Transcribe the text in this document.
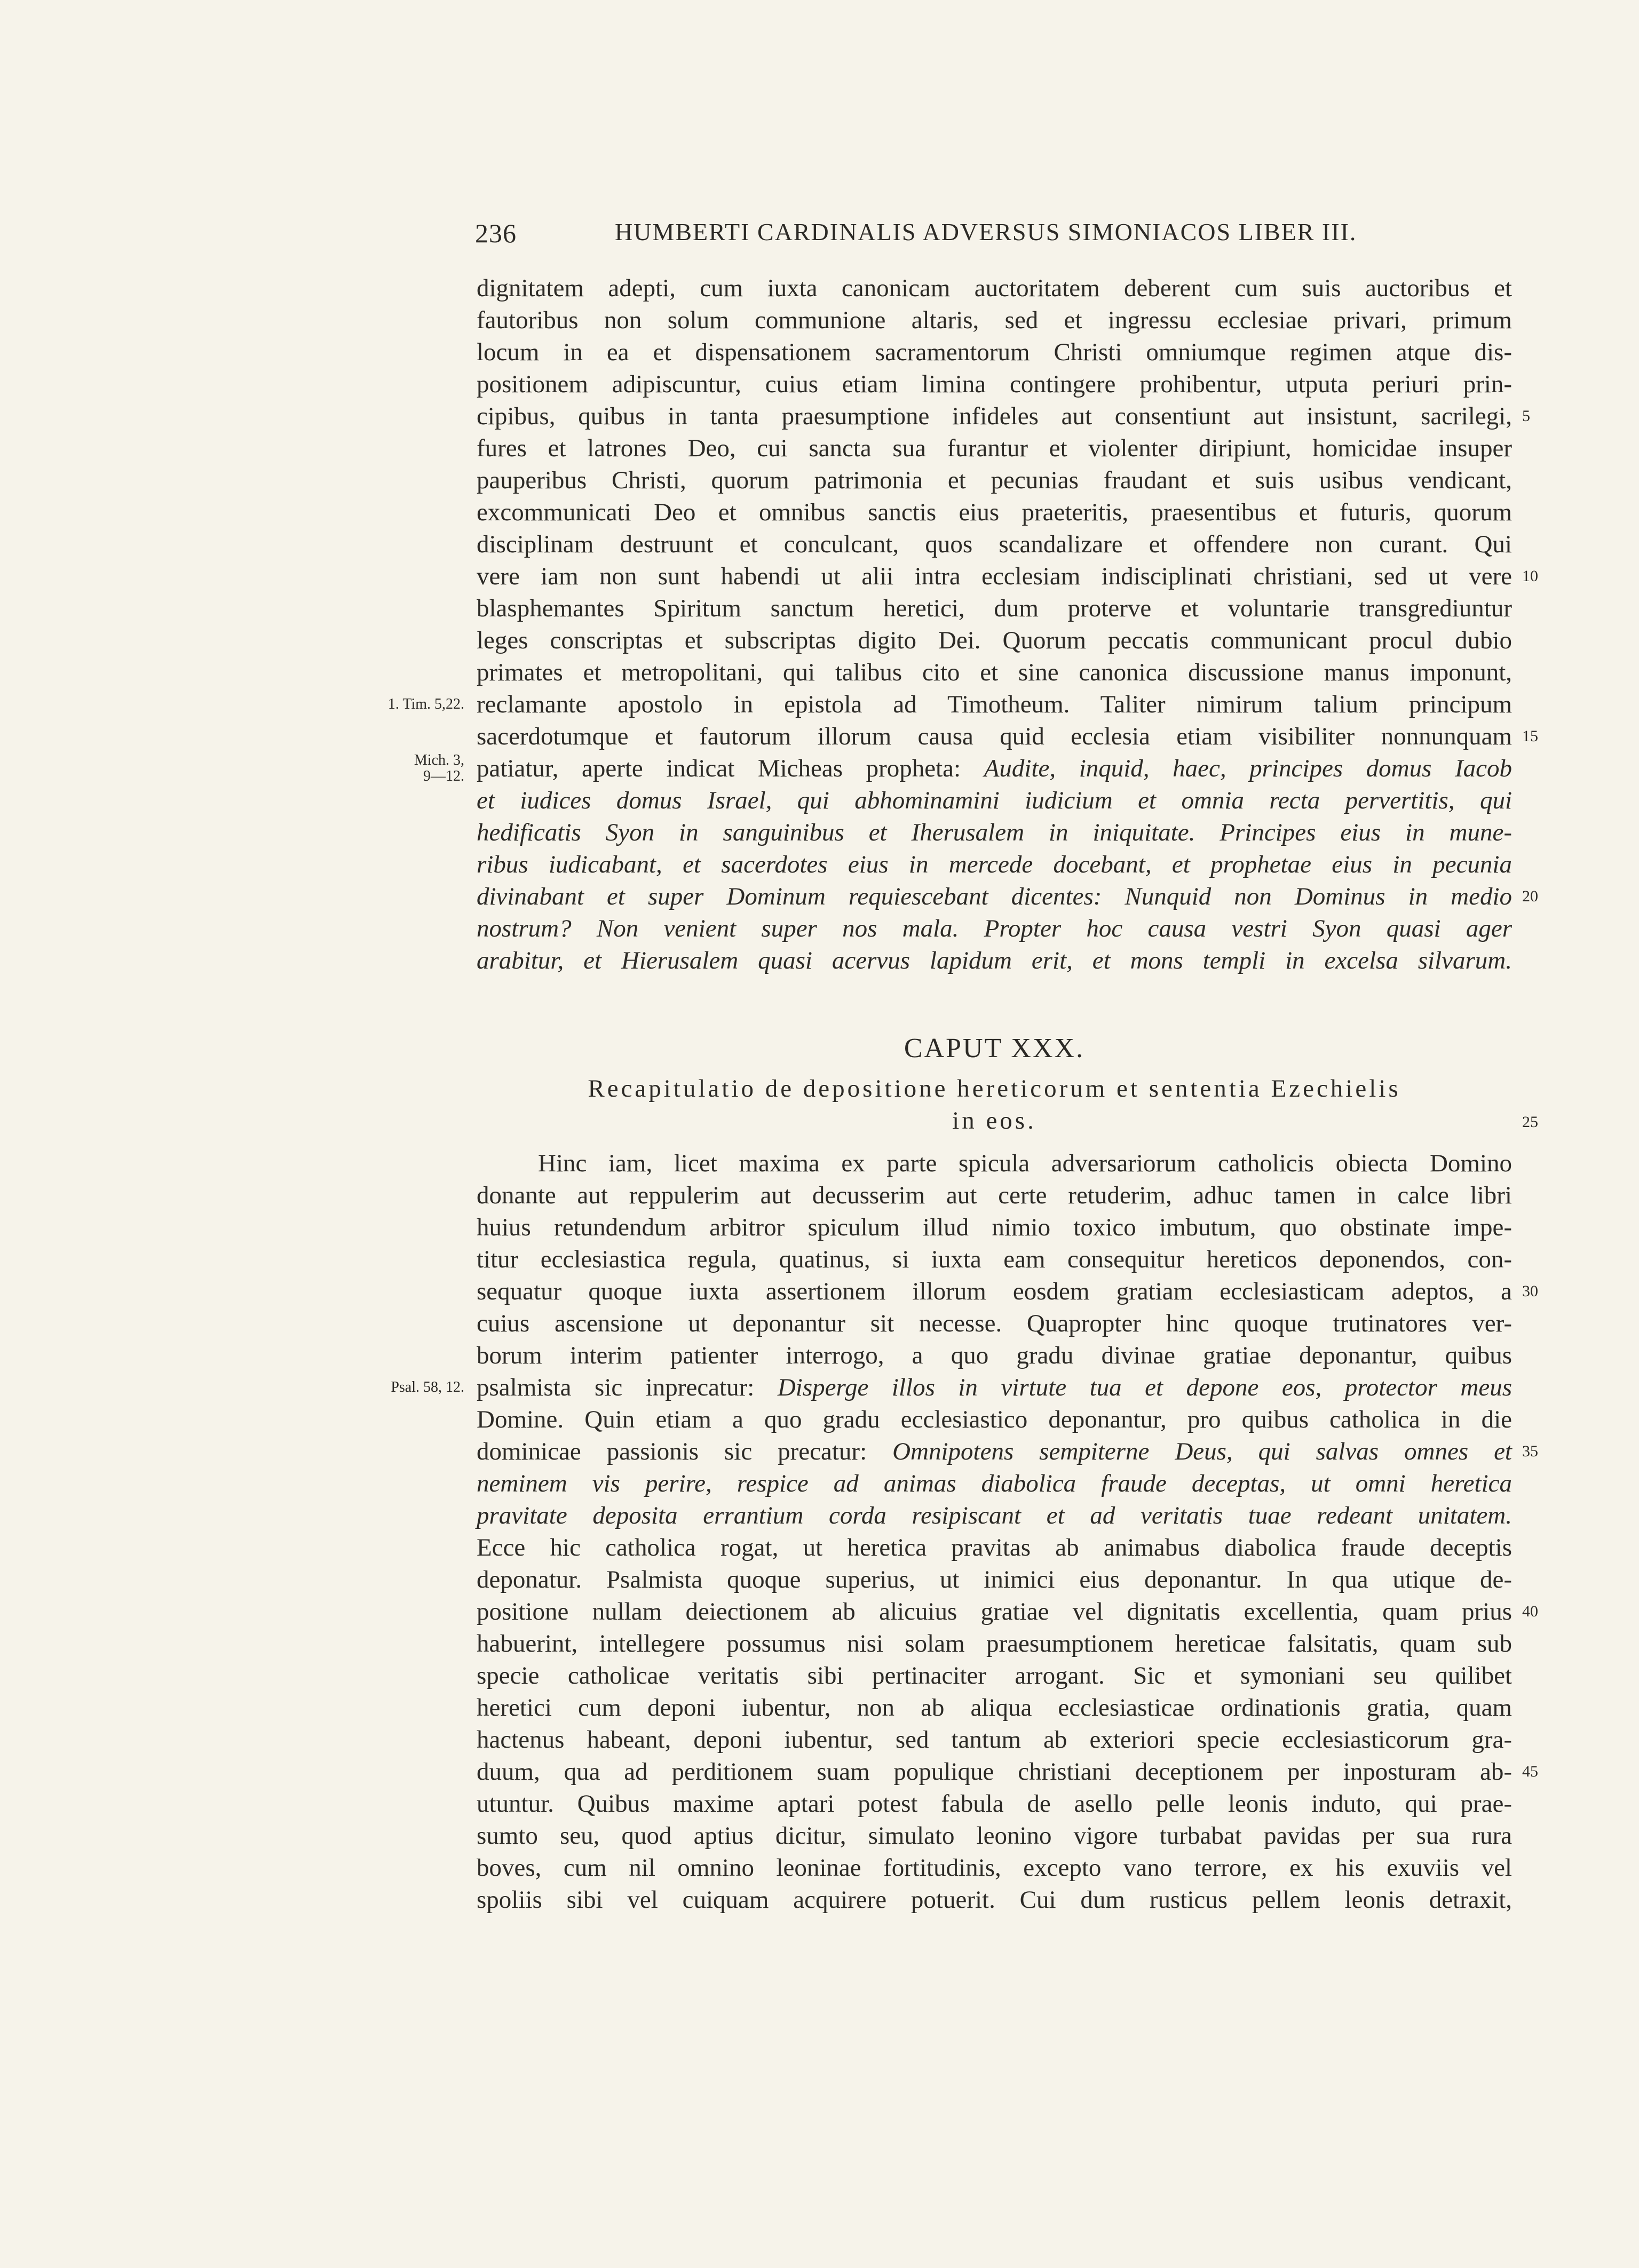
236	HUMBERTI CARDINALIS ADVERSUS SIMONIACOS LIBER III.
dignitatem adepti, cum iuxta canonicam auctoritatem deberent cum suis auctoribus et
fautoribus non solum communione altaris, sed et ingressu ecclesiae privari, primum
locum in ea et dispensationem sacramentorum Christi omniumque regimen atque dis-
positionem adipiscuntur, cuius etiam limina contingere prohibentur, utputa periuri prin-
cipibus, quibus in tanta praesumptione infideles aut consentiunt aut insistunt, sacrilegi,
fures et latrones Deo, cui sancta sua furantur et violenter diripiunt, homicidae insuper
pauperibus Christi, quorum patrimonia et pecunias fraudant et suis usibus vendicant,
excommunicati Deo et omnibus sanctis eius praeteritis, praesentibus et futuris, quorum
disciplinam destruunt et conculcant, quos scandalizare et offendere non curant. Qui
vere iam non sunt habendi ut alii intra ecclesiam indisciplinati christiani, sed ut vere
blasphemantes Spiritum sanctum heretici, dum proterve et voluntarie transgrediuntur
leges conscriptas et subscriptas digito Dei. Quorum peccatis communicant procul dubio
primates et metropolitani, qui talibus cito et sine canonica discussione manus imponunt,
reclamante apostolo in epistola ad Timotheum. Taliter nimirum talium principum
sacerdotumque et fautorum illorum causa quid ecclesia etiam visibiliter nonnunquam
patiatur, aperte indicat Micheas propheta: Audite, inquid, haec, principes domus Iacob
et iudices domus Israel, qui abhominamini iudicium et omnia recta pervertitis, qui
hedificatis Syon in sanguinibus et Iherusalem in iniquitate. Principes eius in mune-
ribus iudicabant, et sacerdotes eius in mercede docebant, et prophetae eius in pecunia
divinabant et super Dominum requiescebant dicentes: Nunquid non Dominus in medio
nostrum? Non venient super nos mala. Propter hoc causa vestri Syon quasi ager
arabitur, et Hierusalem quasi acervus lapidum erit, et mons templi in excelsa silvarum.
CAPUT XXX.
Recapitulatio de depositione hereticorum et sententia Ezechielis
in eos.
Hinc iam, licet maxima ex parte spicula adversariorum catholicis obiecta Domino
donante aut reppulerim aut decusserim aut certe retuderim, adhuc tamen in calce libri
huius retundendum arbitror spiculum illud nimio toxico imbutum, quo obstinate impe-
titur ecclesiastica regula, quatinus, si iuxta eam consequitur hereticos deponendos, con-
sequatur quoque iuxta assertionem illorum eosdem gratiam ecclesiasticam adeptos, a
cuius ascensione ut deponantur sit necesse. Quapropter hinc quoque trutinatores ver-
borum interim patienter interrogo, a quo gradu divinae gratiae deponantur, quibus
psalmista sic inprecatur: Disperge illos in virtute tua et depone eos, protector meus
Domine. Quin etiam a quo gradu ecclesiastico deponantur, pro quibus catholica in die
dominicae passionis sic precatur: Omnipotens sempiterne Deus, qui salvas omnes et
neminem vis perire, respice ad animas diabolica fraude deceptas, ut omni heretica
pravitate deposita errantium corda resipiscant et ad veritatis tuae redeant unitatem.
Ecce hic catholica rogat, ut heretica pravitas ab animabus diabolica fraude deceptis
deponatur. Psalmista quoque superius, ut inimici eius deponantur. In qua utique de-
positione nullam deiectionem ab alicuius gratiae vel dignitatis excellentia, quam prius
habuerint, intellegere possumus nisi solam praesumptionem hereticae falsitatis, quam sub
specie catholicae veritatis sibi pertinaciter arrogant. Sic et symoniani seu quilibet
heretici cum deponi iubentur, non ab aliqua ecclesiasticae ordinationis gratia, quam
hactenus habeant, deponi iubentur, sed tantum ab exteriori specie ecclesiasticorum gra-
duum, qua ad perditionem suam populique christiani deceptionem per inposturam ab-
utuntur. Quibus maxime aptari potest fabula de asello pelle leonis induto, qui prae-
sumto seu, quod aptius dicitur, simulato leonino vigore turbabat pavidas per sua rura
boves, cum nil omnino leoninae fortitudinis, excepto vano terrore, ex his exuviis vel
spoliis sibi vel cuiquam acquirere potuerit. Cui dum rusticus pellem leonis detraxit,
5
10
15
20
25
30
35
40
45
1. Tim. 5,22.
Mich. 3,
9—12.
Psal. 58, 12.
